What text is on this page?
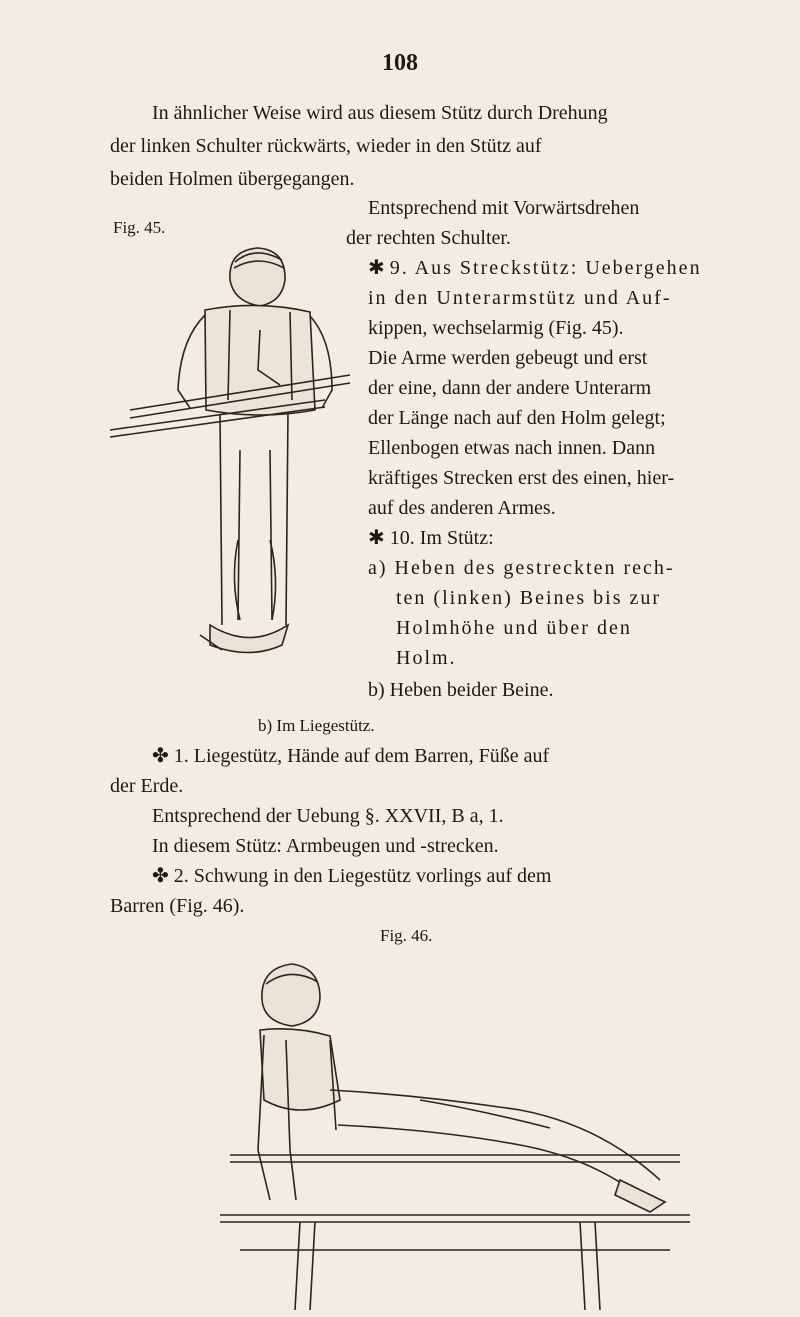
108
In ähnlicher Weise wird aus diesem Stütz durch Drehung
der linken Schulter rückwärts, wieder in den Stütz auf
beiden Holmen übergegangen.
Entsprechend mit Vorwärtsdrehen
Fig. 45.	der rechten Schulter.
✱ 9. Aus Streckstütz: Uebergehen
in den Unterarmstütz und Auf-
kippen, wechselarmig (Fig. 45).
Die Arme werden gebeugt und erst
der eine, dann der andere Unterarm
der Länge nach auf den Holm gelegt;
Ellenbogen etwas nach innen. Dann
kräftiges Strecken erst des einen, hier-
auf des anderen Armes.
✱ 10. Im Stütz:
a) Heben des gestreckten rech-
ten (linken) Beines bis zur
Holmhöhe und über den
Holm.
b) Heben beider Beine.
b) Im Liegestütz.
✤ 1. Liegestütz, Hände auf dem Barren, Füße auf
der Erde.
Entsprechend der Uebung §. XXVII, B a, 1.
In diesem Stütz: Armbeugen und -strecken.
✤ 2. Schwung in den Liegestütz vorlings auf dem
Barren (Fig. 46).
Fig. 46.
